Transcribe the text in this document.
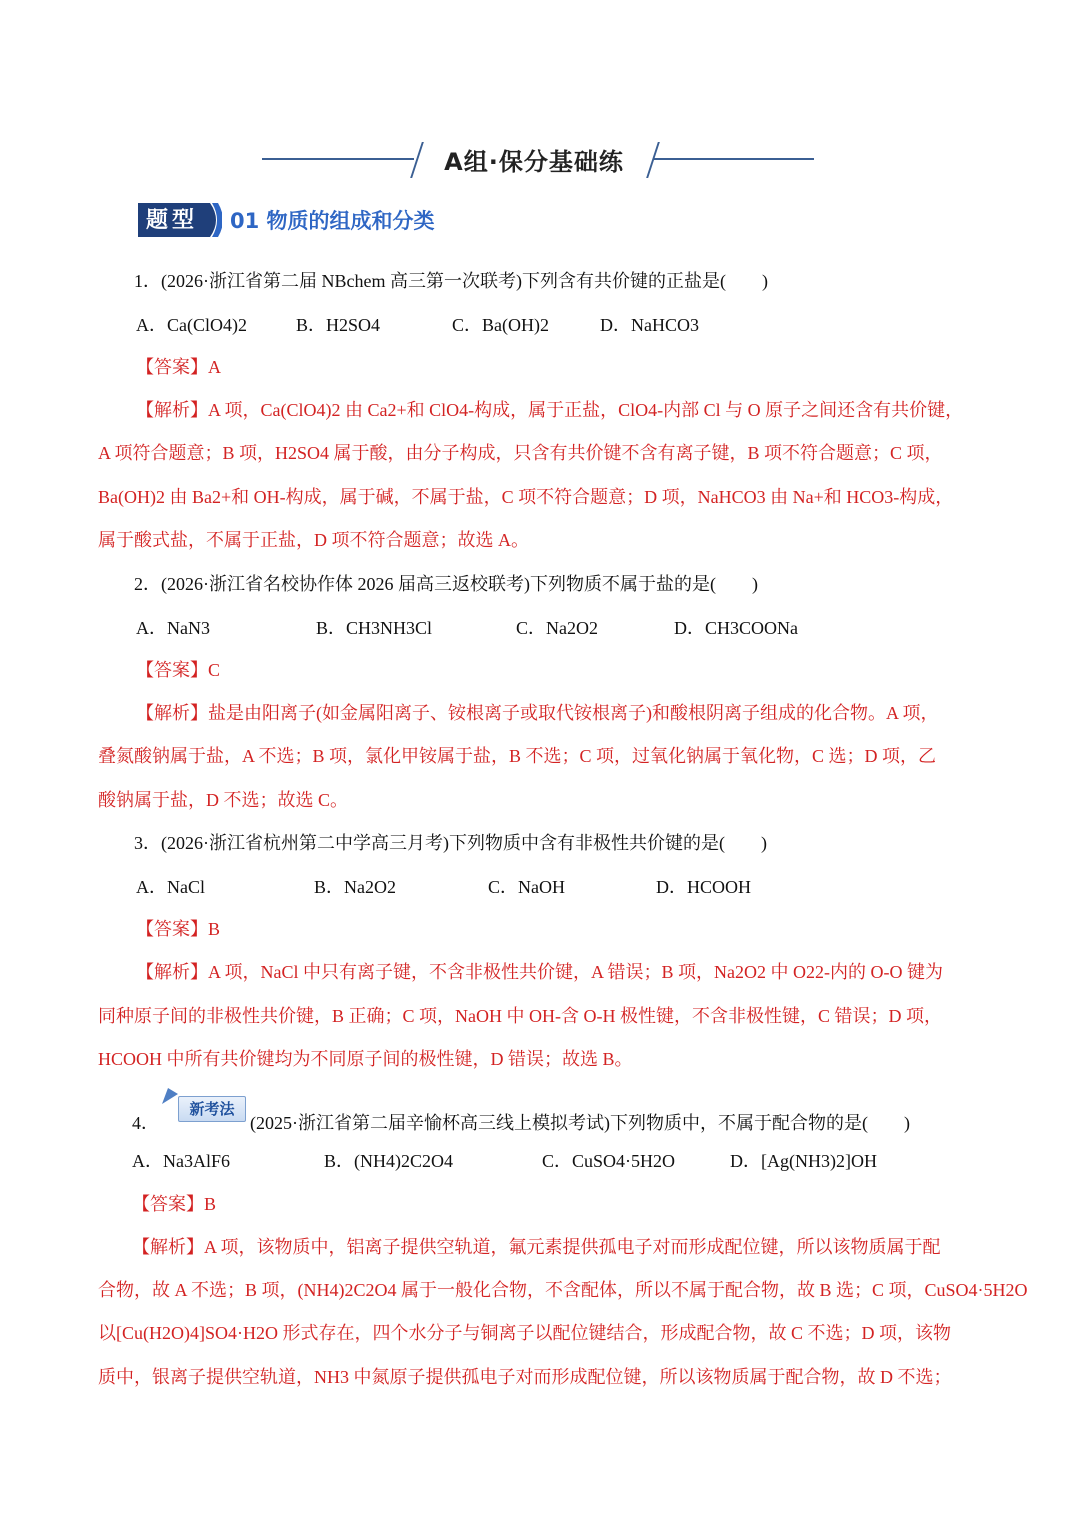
A组·保分基础练
题型	01 物质的组成和分类
1．(2026·浙江省第二届 NBchem 高三第一次联考)下列含有共价键的正盐是(　　)
A．Ca(ClO4)2	B．H2SO4	C．Ba(OH)2	D．NaHCO3
【答案】A
【解析】A 项，Ca(ClO4)2 由 Ca2+和 ClO4-构成，属于正盐，ClO4-内部 Cl 与 O 原子之间还含有共价键，
A 项符合题意；B 项，H2SO4 属于酸，由分子构成，只含有共价键不含有离子键，B 项不符合题意；C 项，
Ba(OH)2 由 Ba2+和 OH-构成，属于碱，不属于盐，C 项不符合题意；D 项，NaHCO3 由 Na+和 HCO3-构成，
属于酸式盐，不属于正盐，D 项不符合题意；故选 A。
2．(2026·浙江省名校协作体 2026 届高三返校联考)下列物质不属于盐的是(　　)
A．NaN3	B．CH3NH3Cl	C．Na2O2	D．CH3COONa
【答案】C
【解析】盐是由阳离子(如金属阳离子、铵根离子或取代铵根离子)和酸根阴离子组成的化合物。A 项，
叠氮酸钠属于盐，A 不选；B 项，氯化甲铵属于盐，B 不选；C 项，过氧化钠属于氧化物，C 选；D 项，乙
酸钠属于盐，D 不选；故选 C。
3．(2026·浙江省杭州第二中学高三月考)下列物质中含有非极性共价键的是(　　)
A．NaCl	B．Na2O2	C．NaOH	D．HCOOH
【答案】B
【解析】A 项，NaCl 中只有离子键，不含非极性共价键，A 错误；B 项，Na2O2 中 O22-内的 O-O 键为
同种原子间的非极性共价键，B 正确；C 项，NaOH 中 OH-含 O-H 极性键，不含非极性键，C 错误；D 项，
HCOOH 中所有共价键均为不同原子间的极性键，D 错误；故选 B。
新考法
4．	(2025·浙江省第二届辛愉杯高三线上模拟考试)下列物质中，不属于配合物的是(　　)
A．Na3AlF6	B．(NH4)2C2O4	C．CuSO4·5H2O	D．[Ag(NH3)2]OH
【答案】B
【解析】A 项，该物质中，铝离子提供空轨道，氟元素提供孤电子对而形成配位键，所以该物质属于配
合物，故 A 不选；B 项，(NH4)2C2O4 属于一般化合物，不含配体，所以不属于配合物，故 B 选；C 项，CuSO4·5H2O
以[Cu(H2O)4]SO4·H2O 形式存在，四个水分子与铜离子以配位键结合，形成配合物，故 C 不选；D 项，该物
质中，银离子提供空轨道，NH3 中氮原子提供孤电子对而形成配位键，所以该物质属于配合物，故 D 不选；
